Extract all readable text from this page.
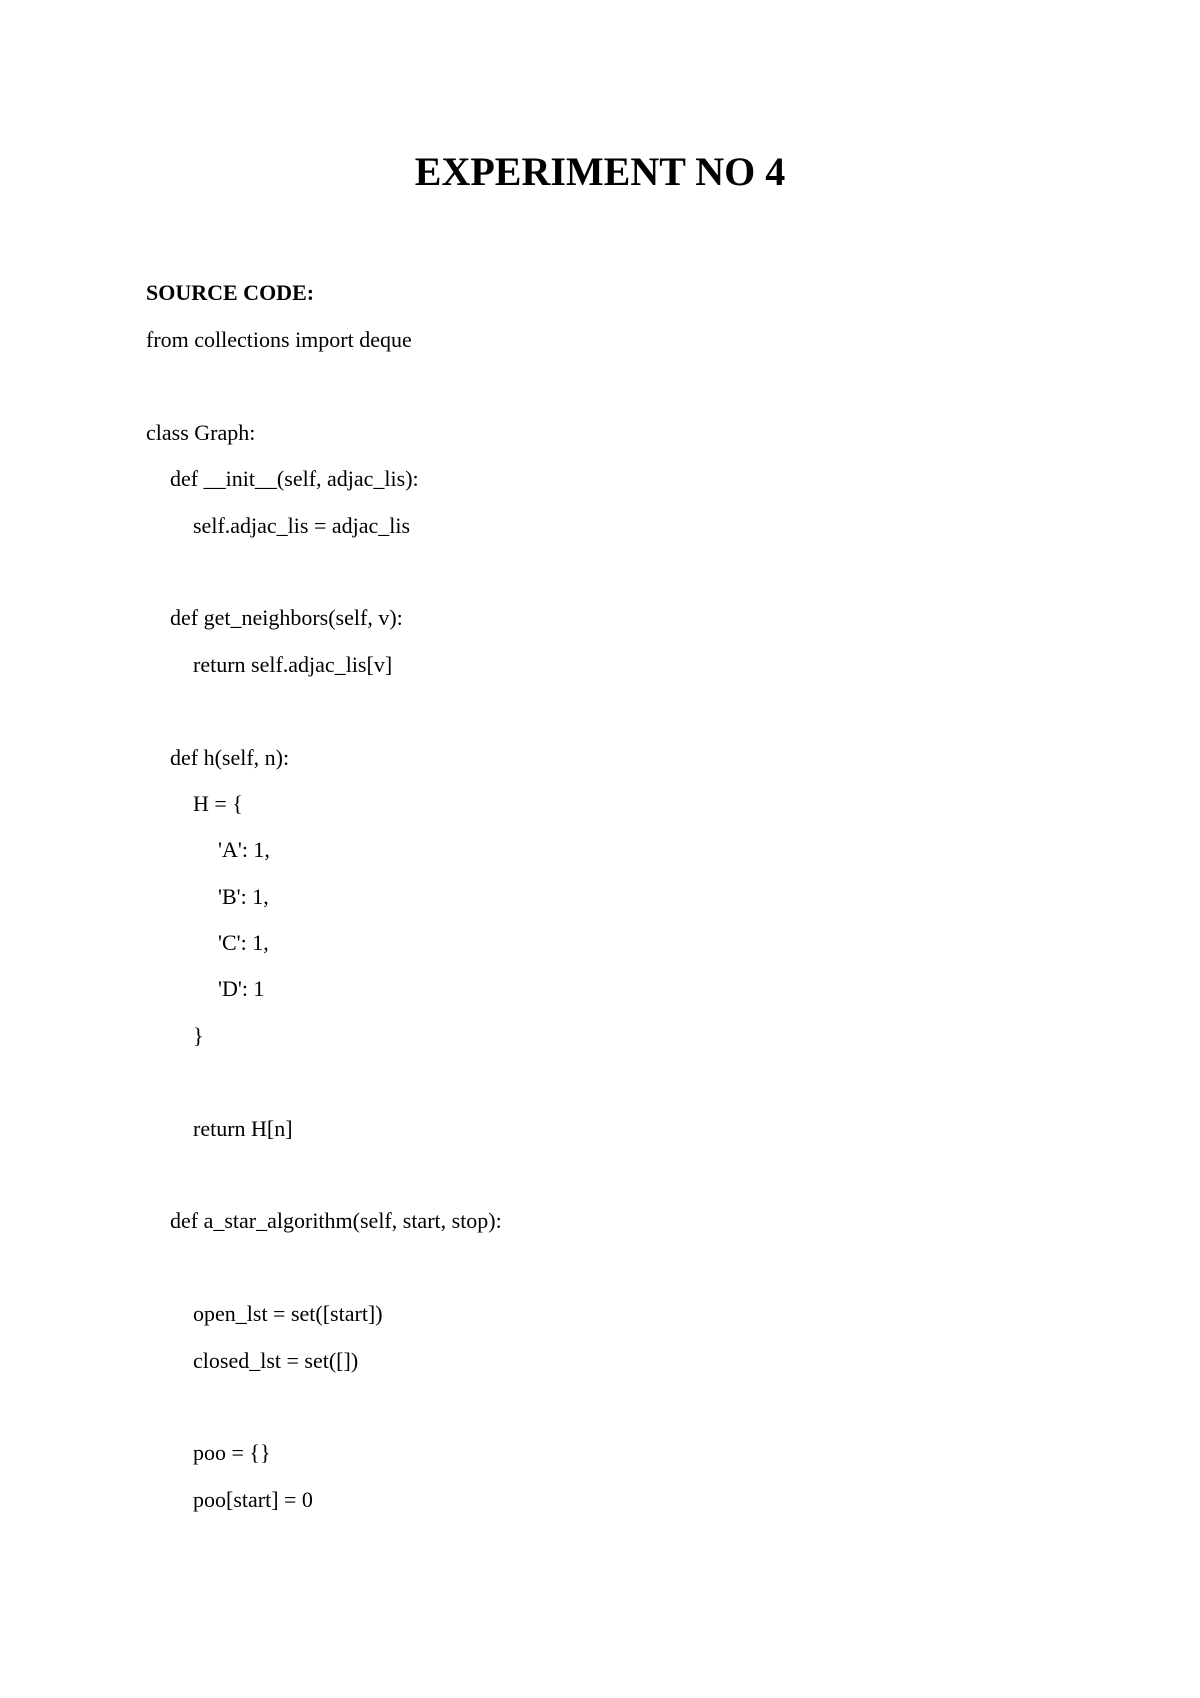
EXPERIMENT NO 4
SOURCE CODE:
from collections import deque
class Graph:
def __init__(self, adjac_lis):
self.adjac_lis = adjac_lis
def get_neighbors(self, v):
return self.adjac_lis[v]
def h(self, n):
H = {
'A': 1,
'B': 1,
'C': 1,
'D': 1
}
return H[n]
def a_star_algorithm(self, start, stop):
open_lst = set([start])
closed_lst = set([])
poo = {}
poo[start] = 0
